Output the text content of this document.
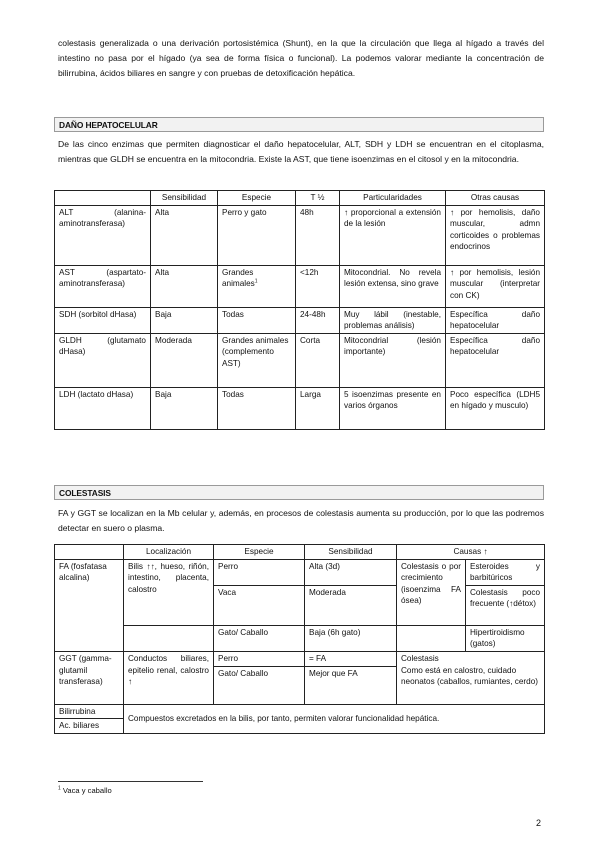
colestasis generalizada o una derivación portosistémica (Shunt), en la que la circulación que llega al hígado a través del intestino no pasa por el hígado (ya sea de forma física o funcional). La podemos valorar mediante la concentración de bilirrubina, ácidos biliares en sangre y con pruebas de detoxificación hepática.

DAÑO HEPATOCELULAR

De las cinco enzimas que permiten diagnosticar el daño hepatocelular, ALT, SDH y LDH se encuentran en el citoplasma, mientras que GLDH se encuentra en la mitocondria. Existe la AST, que tiene isoenzimas en el citosol y en la mitocondria.

	Sensibilidad	Especie	T ½	Particularidades	Otras causas
ALT (alanina-aminotransferasa)	Alta	Perro y gato	48h	↑ proporcional a extensión de la lesión	↑ por hemolisis, daño muscular, admn corticoides o problemas endocrinos
AST (aspartato-aminotransferasa)	Alta	Grandes animales$^1$	<12h	Mitocondrial. No revela lesión extensa, sino grave	↑ por hemolisis, lesión muscular (interpretar con CK)
SDH (sorbitol dHasa)	Baja	Todas	24-48h	Muy lábil (inestable, problemas análisis)	Específica daño hepatocelular
GLDH (glutamato dHasa)	Moderada	Grandes animales (complemento AST)	Corta	Mitocondrial (lesión importante)	Específica daño hepatocelular
LDH (lactato dHasa)	Baja	Todas	Larga	5 isoenzimas presente en varios órganos	Poco específica (LDH5 en hígado y musculo)
COLESTASIS

FA y GGT se localizan en la Mb celular y, además, en procesos de colestasis aumenta su producción, por lo que las podremos detectar en suero o plasma.

	Localización	Especie	Sensibilidad	Causas ↑	
FA (fosfatasa alcalina)	Bilis ↑↑, hueso, riñón, intestino, placenta, calostro	Perro	Alta (3d)	Colestasis o por crecimiento (isoenzima FA ósea)	Esteroides y barbitúricos
		Vaca	Moderada		Colestasis poco frecuente (↑détox)
		Gato/ Caballo	Baja (6h gato)		Hipertiroidismo (gatos)
GGT (gamma-glutamil transferasa)	Conductos biliares, epitelio renal, calostro ↑	Perro	= FA	Colestasis
Como está en calostro, cuidado neonatos (caballos, rumiantes, cerdo)	

		Gato/ Caballo	Mejor que FA		
Bilirrubina	Compuestos excretados en la bilis, por tanto, permiten valorar funcionalidad hepática.				
Ac. biliares					
$^1$ Vaca y caballo
2
